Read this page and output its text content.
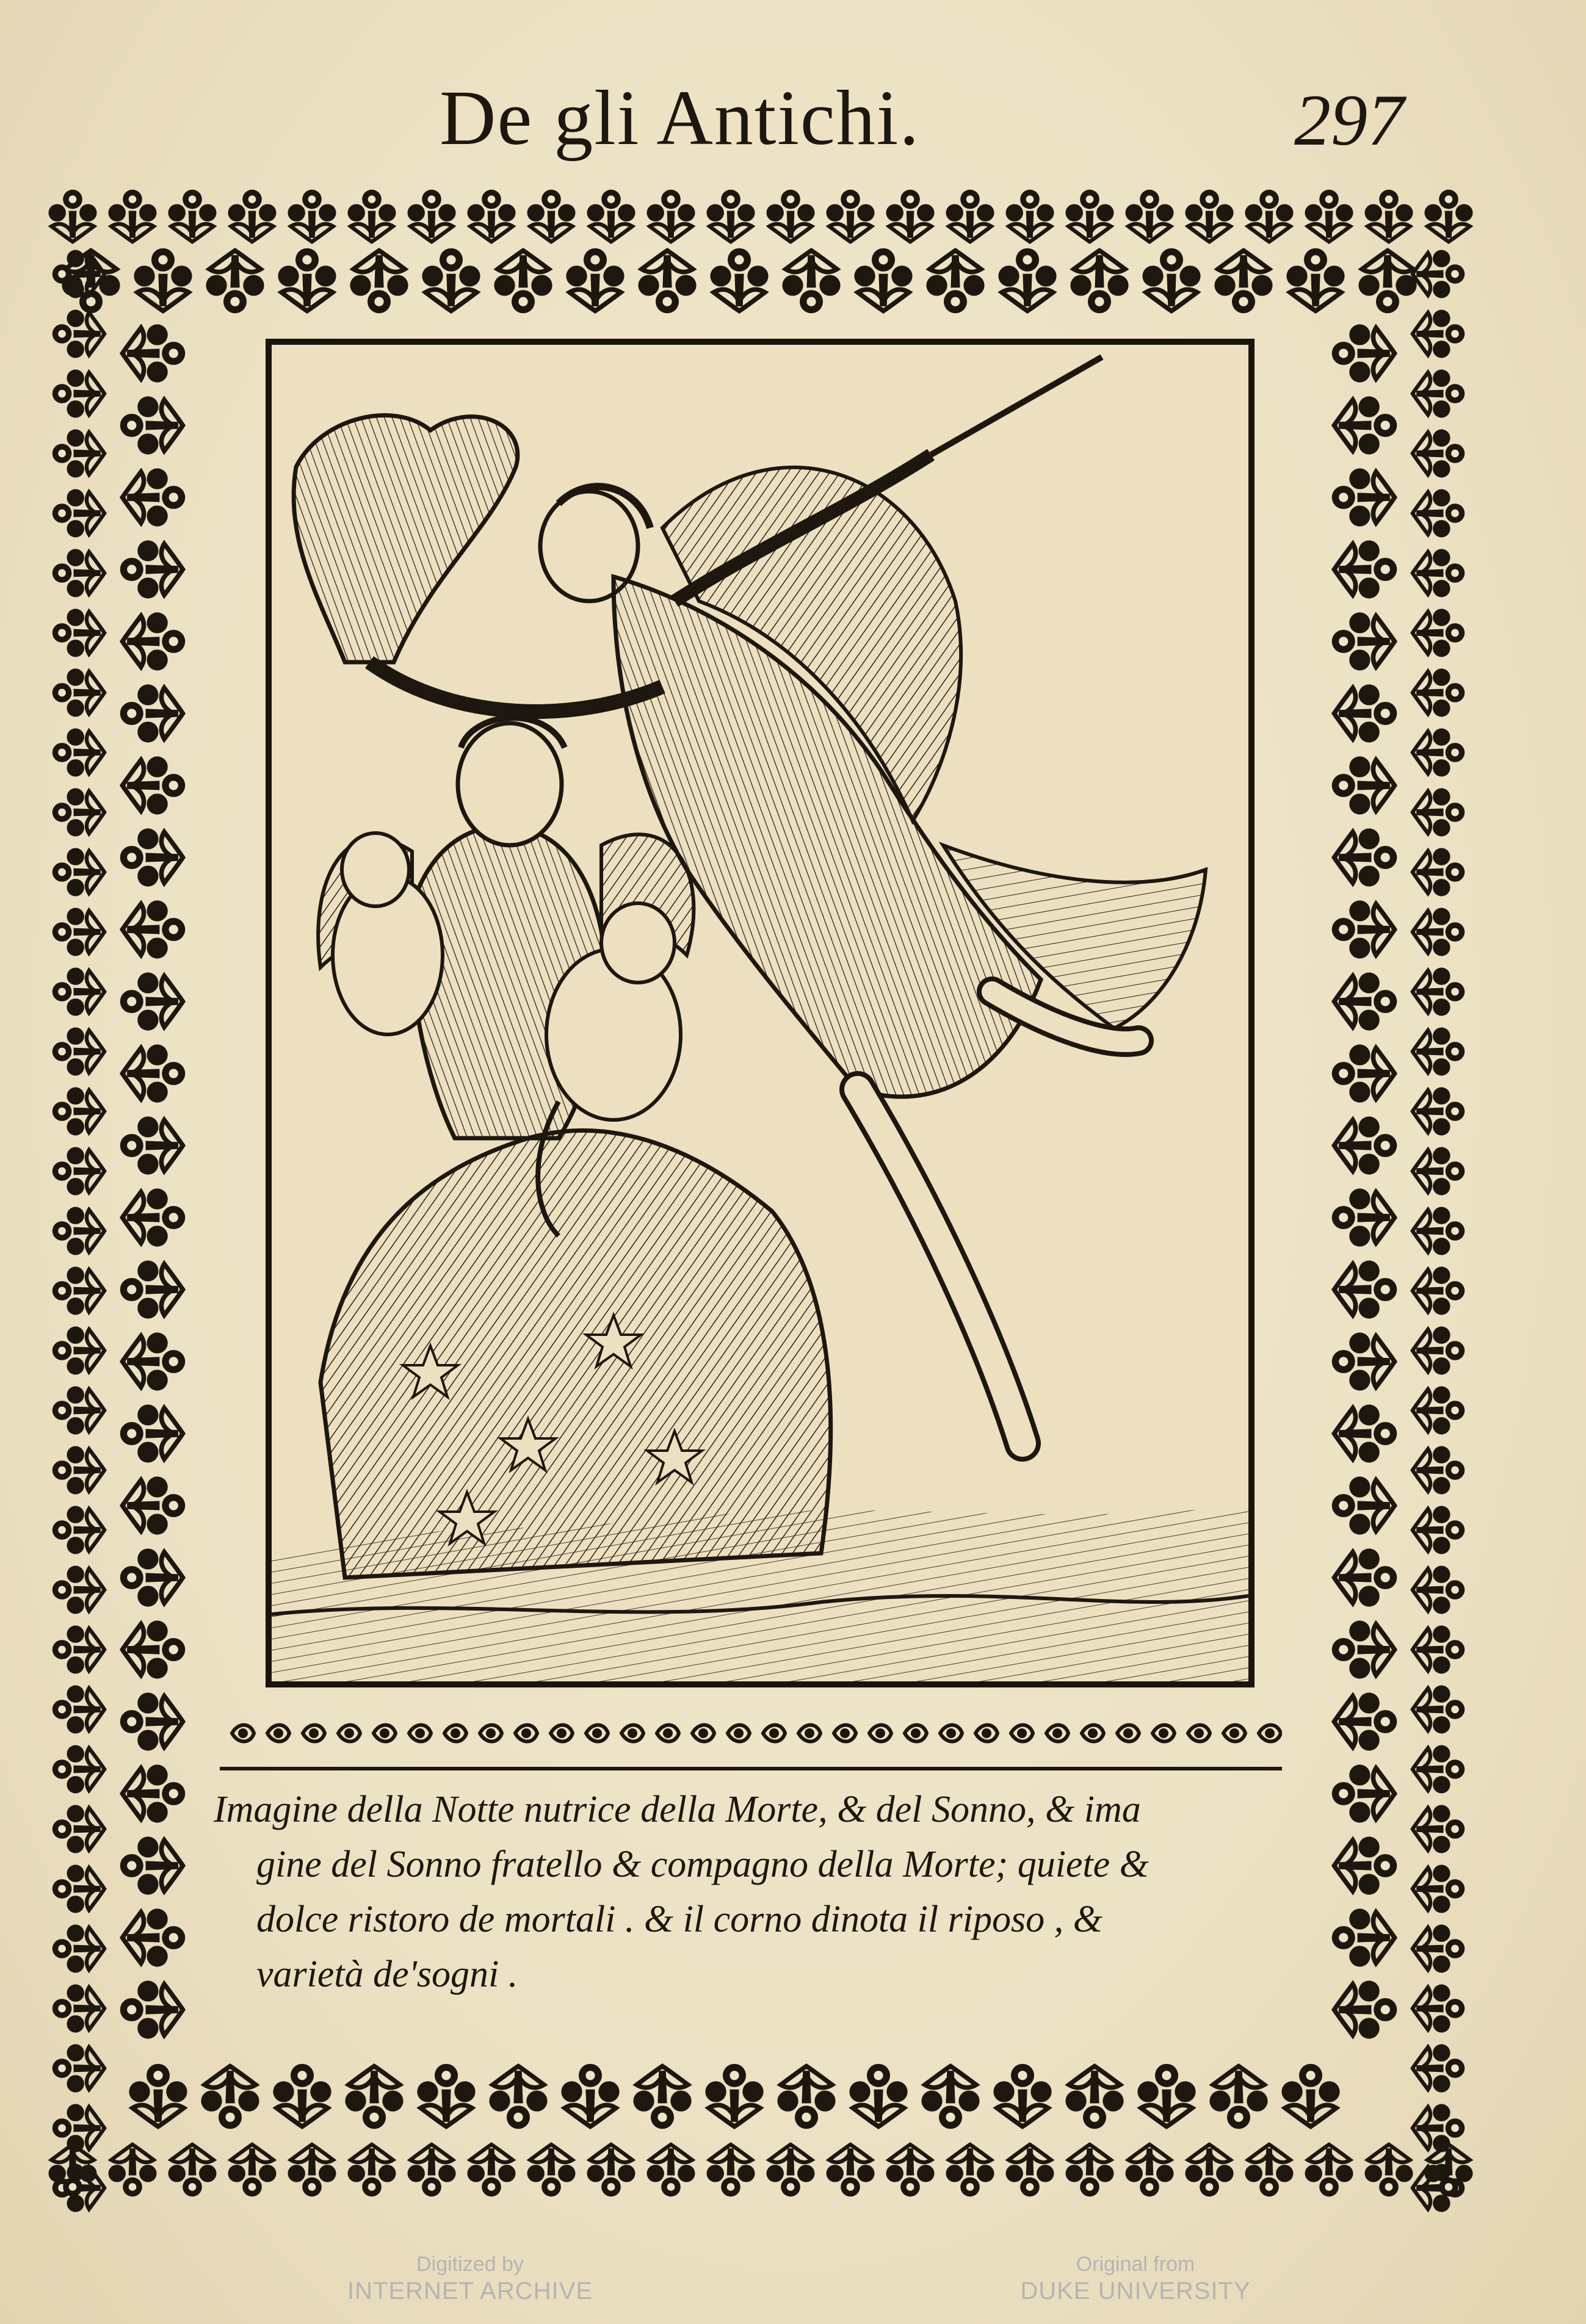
De gli Antichi.	297

Imagine della Notte nutrice della Morte, & del Sonno, & ima

gine del Sonno fratello & compagno della Morte; quiete &

dolce ristoro de mortali . & il corno dinota il riposo , &

varietà de'sogni .

Digitized by
INTERNET ARCHIVE
Original from
DUKE UNIVERSITY
